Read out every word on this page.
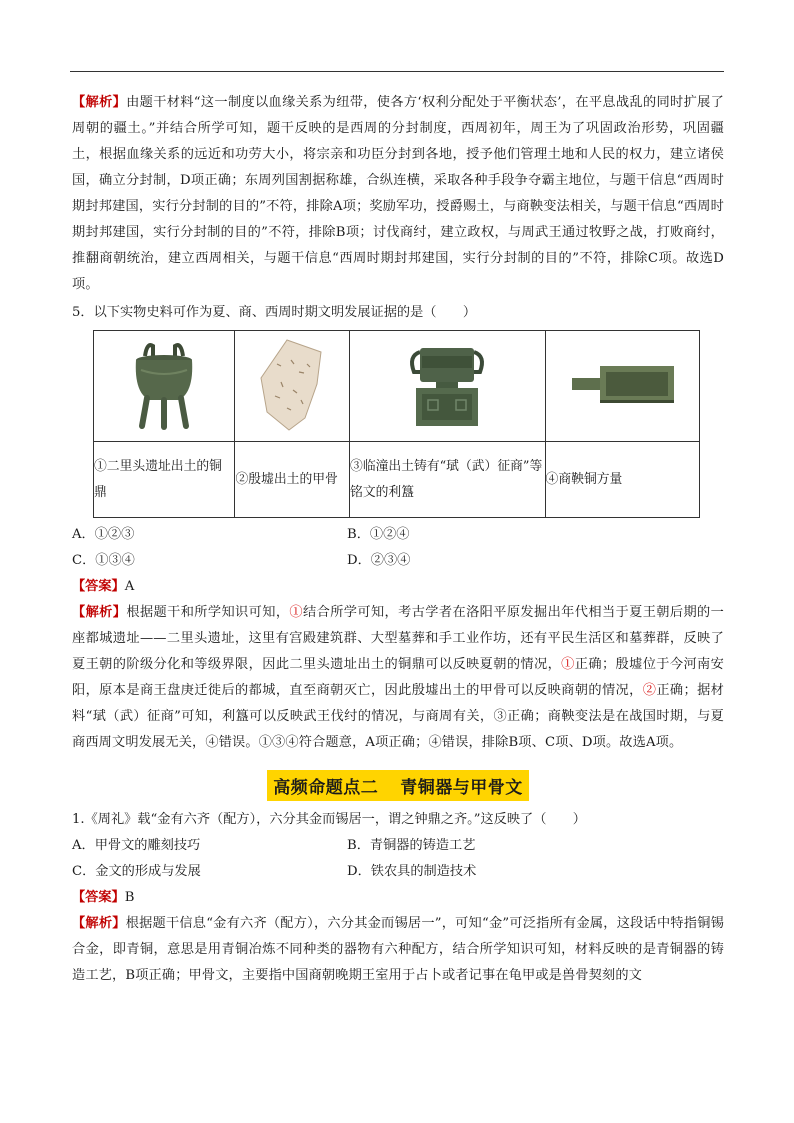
【解析】由题干材料“这一制度以血缘关系为纽带，使各方‘权利分配处于平衡状态’，在平息战乱的同时扩展了周朝的疆土。”并结合所学可知，题干反映的是西周的分封制度，西周初年，周王为了巩固政治形势，巩固疆土，根据血缘关系的远近和功劳大小，将宗亲和功臣分封到各地，授予他们管理土地和人民的权力，建立诸侯国，确立分封制，D项正确；东周列国割据称雄，合纵连横，采取各种手段争夺霸主地位，与题干信息“西周时期封邦建国，实行分封制的目的”不符，排除A项；奖励军功，授爵赐土，与商鞅变法相关，与题干信息“西周时期封邦建国，实行分封制的目的”不符，排除B项；讨伐商纣，建立政权，与周武王通过牧野之战，打败商纣，推翻商朝统治，建立西周相关，与题干信息“西周时期封邦建国，实行分封制的目的”不符，排除C项。故选D项。

5．以下实物史料可作为夏、商、西周时期文明发展证据的是（　　）

①二里头遗址出土的铜鼎	②殷墟出土的甲骨	③临潼出土铸有“珷（武）征商”等铭文的利簋	④商鞅铜方量
A．①②③	B．①②④
C．①③④	D．②③④

【答案】A

【解析】根据题干和所学知识可知，①结合所学可知，考古学者在洛阳平原发掘出年代相当于夏王朝后期的一座都城遗址——二里头遗址，这里有宫殿建筑群、大型墓葬和手工业作坊，还有平民生活区和墓葬群，反映了夏王朝的阶级分化和等级界限，因此二里头遗址出土的铜鼎可以反映夏朝的情况，①正确；殷墟位于今河南安阳，原本是商王盘庚迁徙后的都城，直至商朝灭亡，因此殷墟出土的甲骨可以反映商朝的情况，②正确；据材料“珷（武）征商”可知，利簋可以反映武王伐纣的情况，与商周有关，③正确；商鞅变法是在战国时期，与夏商西周文明发展无关，④错误。①③④符合题意，A项正确；④错误，排除B项、C项、D项。故选A项。

高频命题点二 青铜器与甲骨文

1.《周礼》载“金有六齐（配方），六分其金而锡居一，谓之钟鼎之齐。”这反映了（　　）

A．甲骨文的雕刻技巧	B．青铜器的铸造工艺
C．金文的形成与发展	D．铁农具的制造技术

【答案】B

【解析】根据题干信息“金有六齐（配方），六分其金而锡居一”，可知“金”可泛指所有金属，这段话中特指铜锡合金，即青铜，意思是用青铜冶炼不同种类的器物有六种配方，结合所学知识可知，材料反映的是青铜器的铸造工艺，B项正确；甲骨文，主要指中国商朝晚期王室用于占卜或者记事在龟甲或是兽骨契刻的文
